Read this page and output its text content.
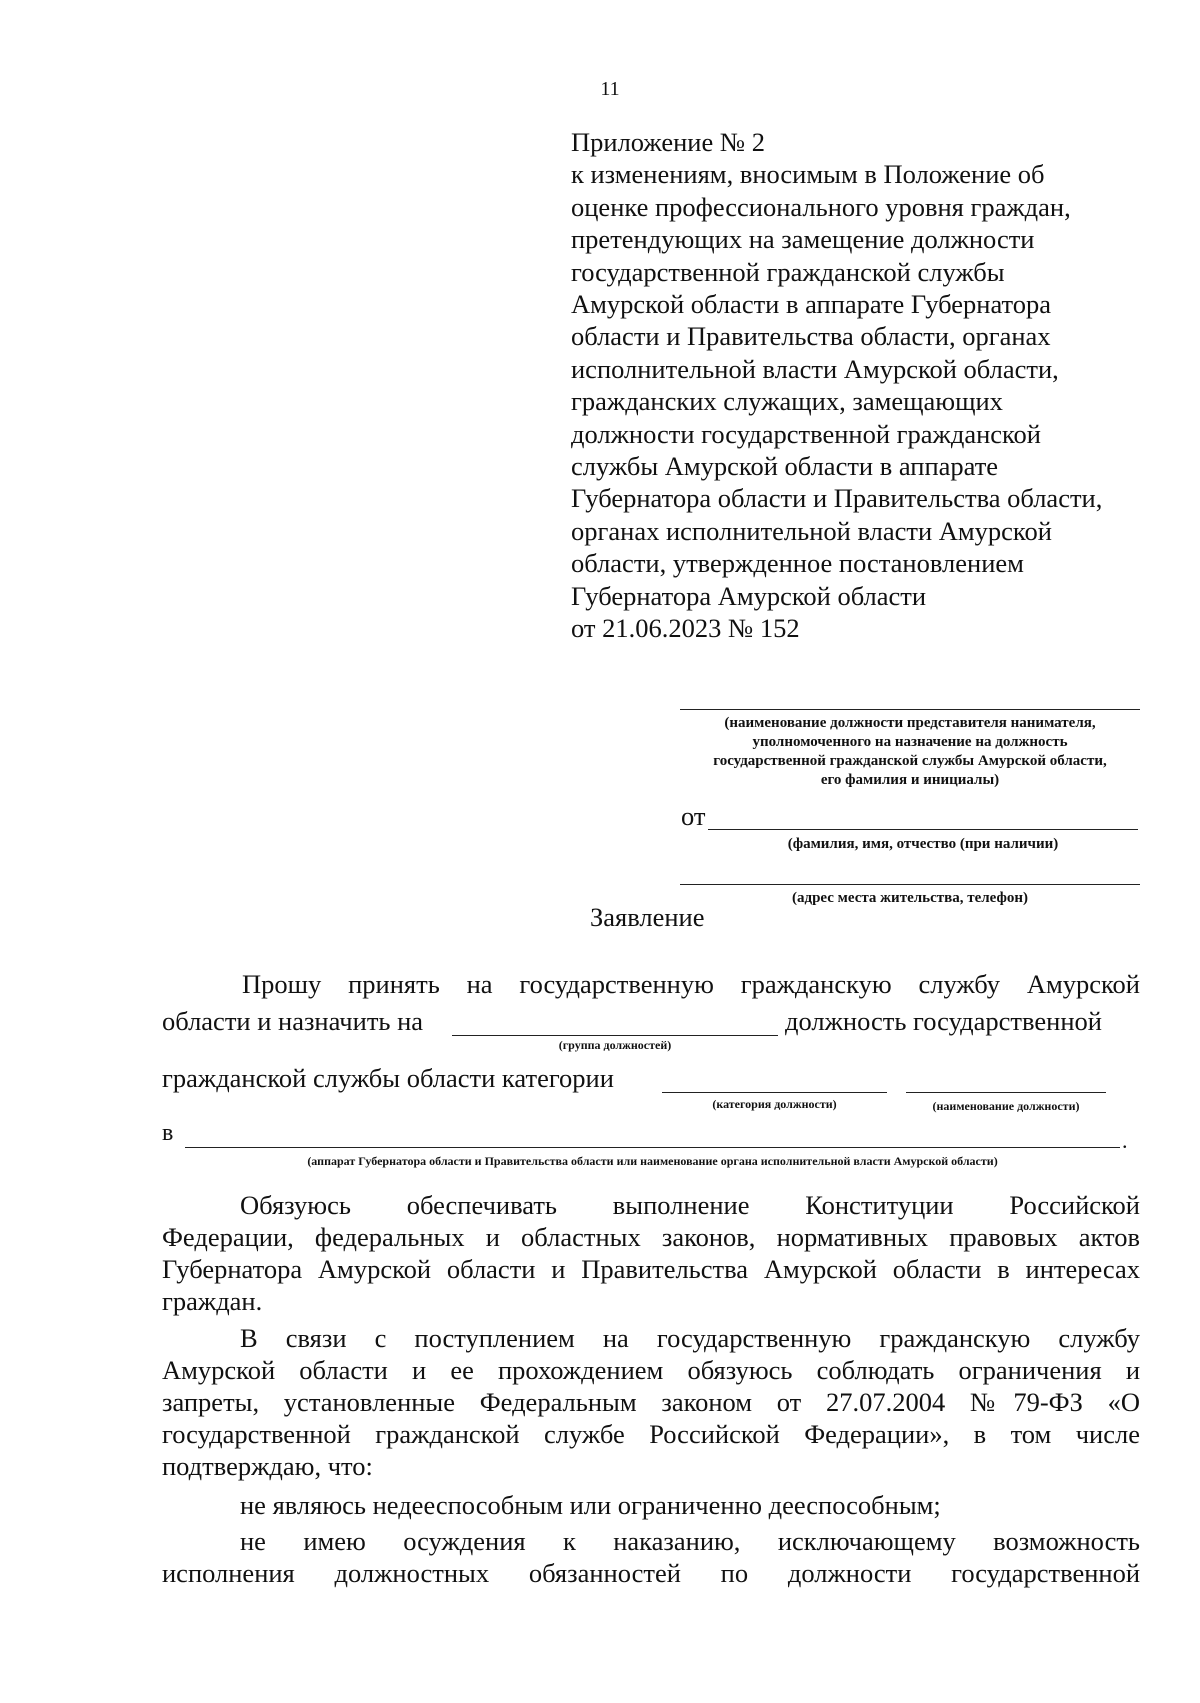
11
Приложение № 2
к изменениям, вносимым в Положение об
оценке профессионального уровня граждан,
претендующих на замещение должности
государственной гражданской службы
Амурской области в аппарате Губернатора
области и Правительства области, органах
исполнительной власти Амурской области,
гражданских служащих, замещающих
должности государственной гражданской
службы Амурской области в аппарате
Губернатора области и Правительства области,
органах исполнительной власти Амурской
области, утвержденное постановлением
Губернатора Амурской области
от 21.06.2023 № 152
(наименование должности представителя нанимателя,
уполномоченного на назначение на должность
государственной гражданской службы Амурской области,
его фамилия и инициалы)
от
(фамилия, имя, отчество (при наличии)
(адрес места жительства, телефон)
Заявление
Прошу принять на государственную гражданскую службу Амурской
области и назначить на
(группа должностей)
должность государственной
гражданской службы области категории
(категория должности)	(наименование должности)
в	.
(аппарат Губернатора области и Правительства области или наименование органа исполнительной власти Амурской области)
Обязуюсь обеспечивать выполнение Конституции Российской
Федерации, федеральных и областных законов, нормативных правовых актов
Губернатора Амурской области и Правительства Амурской области в интересах
граждан.
В связи с поступлением на государственную гражданскую службу
Амурской области и ее прохождением обязуюсь соблюдать ограничения и
запреты, установленные Федеральным законом от 27.07.2004 №79-ФЗ «О
государственной гражданской службе Российской Федерации», в том числе
подтверждаю, что:
не являюсь недееспособным или ограниченно дееспособным;
не имею осуждения к наказанию, исключающему возможность
исполнения должностных обязанностей по должности государственной
